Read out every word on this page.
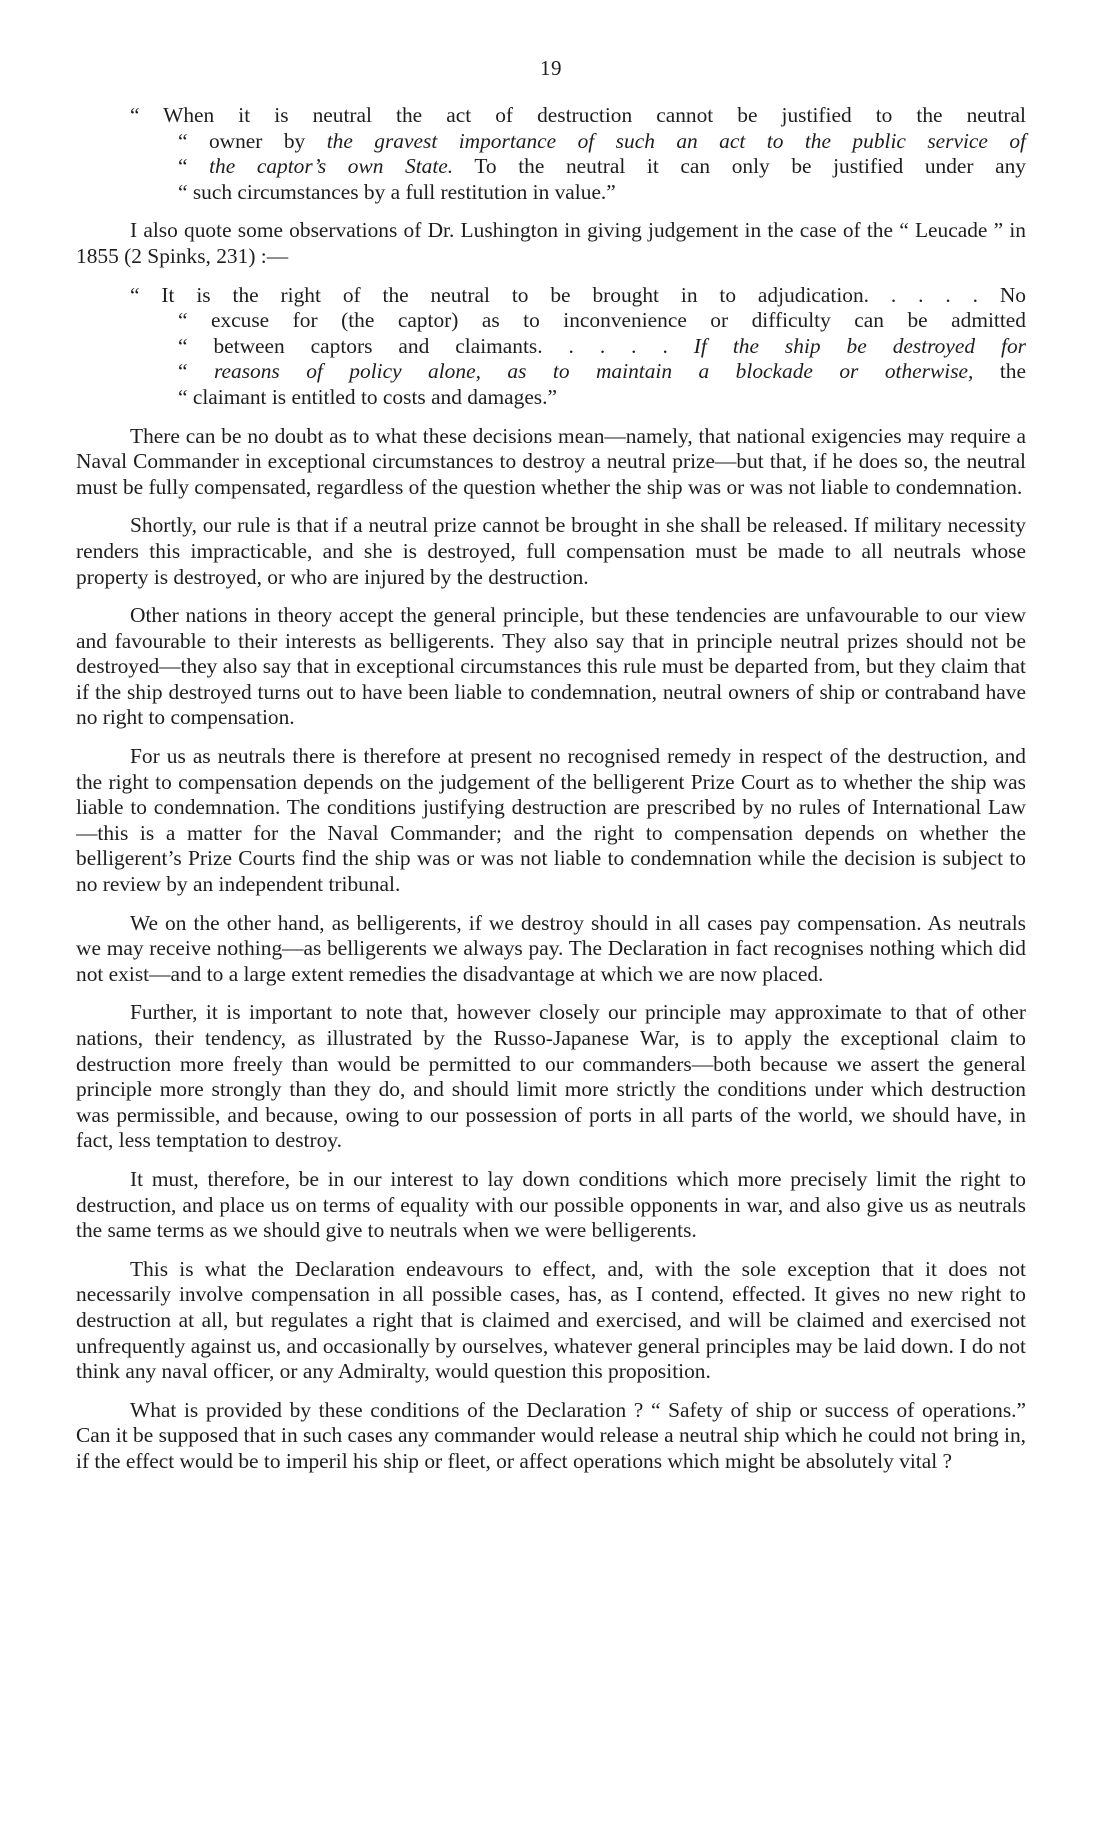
19
“ When it is neutral the act of destruction cannot be justified to the neutral
“ owner by the gravest importance of such an act to the public service of
“ the captor’s own State. To the neutral it can only be justified under any
“ such circumstances by a full restitution in value.”

I also quote some observations of Dr. Lushington in giving judgement in the case of the “ Leucade ” in 1855 (2 Spinks, 231) :—

“ It is the right of the neutral to be brought in to adjudication. . . . . No
“ excuse for (the captor) as to inconvenience or difficulty can be admitted
“ between captors and claimants. . . . . If the ship be destroyed for
“ reasons of policy alone, as to maintain a blockade or otherwise, the
“ claimant is entitled to costs and damages.”

There can be no doubt as to what these decisions mean—namely, that national exigencies may require a Naval Commander in exceptional circumstances to destroy a neutral prize—but that, if he does so, the neutral must be fully compensated, regardless of the question whether the ship was or was not liable to condemnation.

Shortly, our rule is that if a neutral prize cannot be brought in she shall be released. If military necessity renders this impracticable, and she is destroyed, full compensation must be made to all neutrals whose property is destroyed, or who are injured by the destruction.

Other nations in theory accept the general principle, but these tendencies are unfavourable to our view and favourable to their interests as belligerents. They also say that in principle neutral prizes should not be destroyed—they also say that in exceptional circumstances this rule must be departed from, but they claim that if the ship destroyed turns out to have been liable to condemnation, neutral owners of ship or contraband have no right to compensation.

For us as neutrals there is therefore at present no recognised remedy in respect of the destruction, and the right to compensation depends on the judgement of the belligerent Prize Court as to whether the ship was liable to condemnation. The conditions justifying destruction are prescribed by no rules of International Law—this is a matter for the Naval Commander; and the right to compensation depends on whether the belligerent’s Prize Courts find the ship was or was not liable to condemnation while the decision is subject to no review by an independent tribunal.

We on the other hand, as belligerents, if we destroy should in all cases pay compensation. As neutrals we may receive nothing—as belligerents we always pay. The Declaration in fact recognises nothing which did not exist—and to a large extent remedies the disadvantage at which we are now placed.

Further, it is important to note that, however closely our principle may approximate to that of other nations, their tendency, as illustrated by the Russo-Japanese War, is to apply the exceptional claim to destruction more freely than would be permitted to our commanders—both because we assert the general principle more strongly than they do, and should limit more strictly the conditions under which destruction was permissible, and because, owing to our possession of ports in all parts of the world, we should have, in fact, less temptation to destroy.

It must, therefore, be in our interest to lay down conditions which more precisely limit the right to destruction, and place us on terms of equality with our possible opponents in war, and also give us as neutrals the same terms as we should give to neutrals when we were belligerents.

This is what the Declaration endeavours to effect, and, with the sole exception that it does not necessarily involve compensation in all possible cases, has, as I contend, effected. It gives no new right to destruction at all, but regulates a right that is claimed and exercised, and will be claimed and exercised not unfrequently against us, and occasionally by ourselves, whatever general principles may be laid down. I do not think any naval officer, or any Admiralty, would question this proposition.

What is provided by these conditions of the Declaration ? “ Safety of ship or success of operations.” Can it be supposed that in such cases any commander would release a neutral ship which he could not bring in, if the effect would be to imperil his ship or fleet, or affect operations which might be absolutely vital ?
